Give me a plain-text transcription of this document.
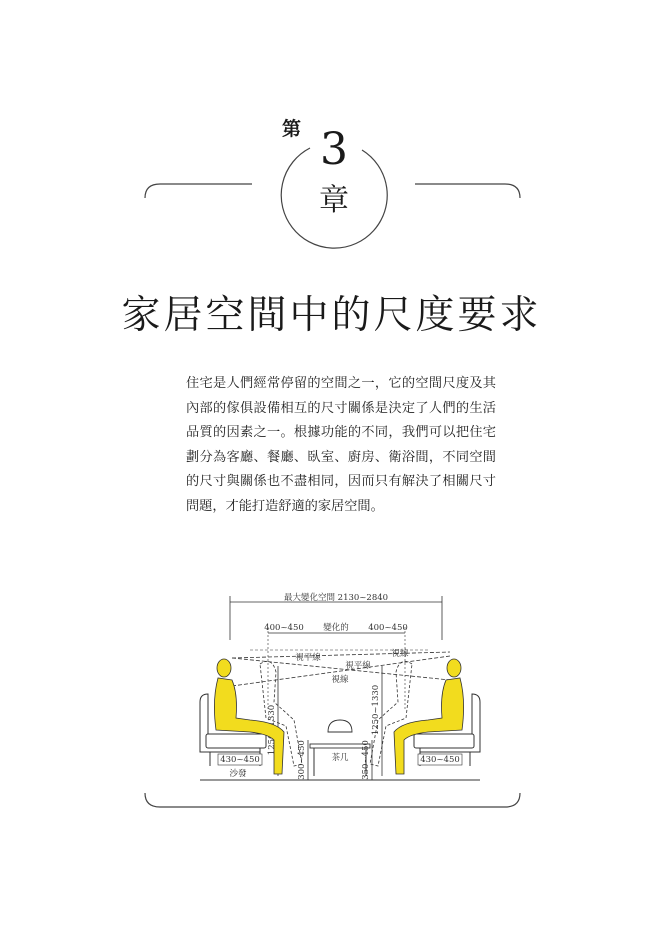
第 3
章
家居空間中的尺度要求
住宅是人們經常停留的空間之一，它的空間尺度及其內部的傢俱設備相互的尺寸關係是決定了人們的生活品質的因素之一。根據功能的不同，我們可以把住宅劃分為客廳、餐廳、臥室、廚房、衛浴間，不同空間的尺寸與關係也不盡相同，因而只有解決了相關尺寸問題，才能打造舒適的家居空間。
最大變化空間 2130~2840
400~450 變化的 400~450
視平線
視平線
視線
視線
1250~1330
300~450	350~450
茶几
430~450
沙發
430~450
